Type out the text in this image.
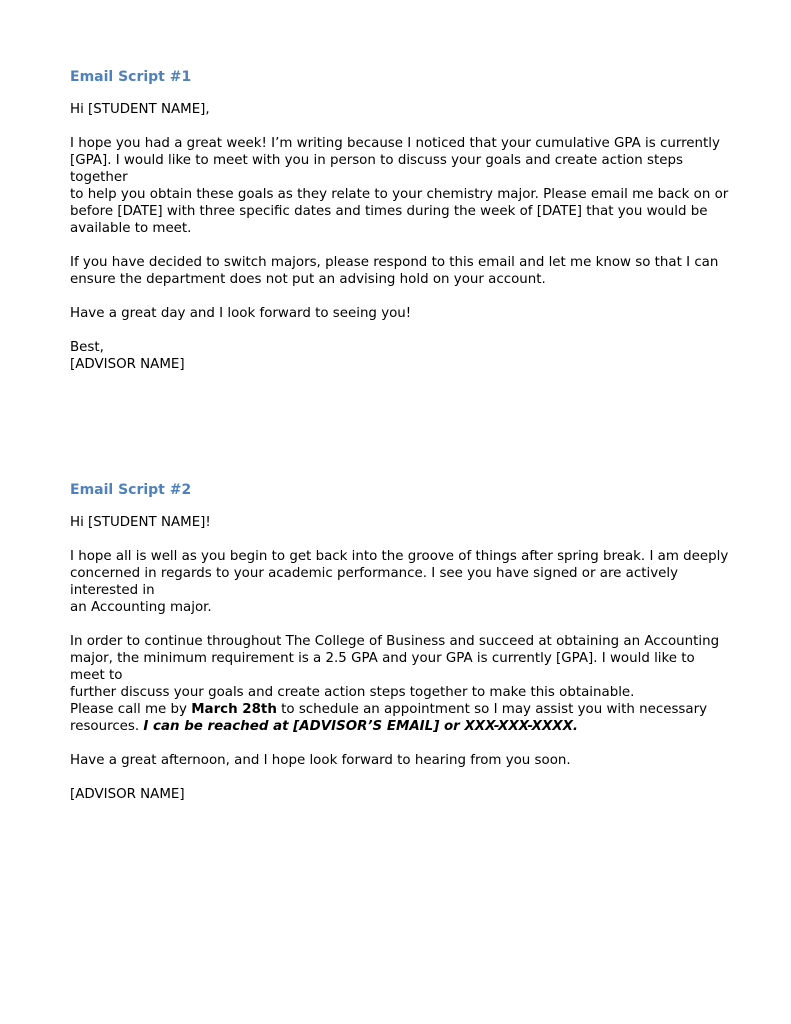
Email Script #1
Hi [STUDENT NAME],
I hope you had a great week! I’m writing because I noticed that your cumulative GPA is currently
[GPA]. I would like to meet with you in person to discuss your goals and create action steps together
to help you obtain these goals as they relate to your chemistry major. Please email me back on or
before [DATE] with three specific dates and times during the week of [DATE] that you would be
available to meet.
If you have decided to switch majors, please respond to this email and let me know so that I can
ensure the department does not put an advising hold on your account.
Have a great day and I look forward to seeing you!
Best,
[ADVISOR NAME]
Email Script #2
Hi [STUDENT NAME]!
I hope all is well as you begin to get back into the groove of things after spring break. I am deeply
concerned in regards to your academic performance. I see you have signed or are actively interested in
an Accounting major.
In order to continue throughout The College of Business and succeed at obtaining an Accounting
major, the minimum requirement is a 2.5 GPA and your GPA is currently [GPA]. I would like to meet to
further discuss your goals and create action steps together to make this obtainable.
Please call me by March 28th to schedule an appointment so I may assist you with necessary
resources. I can be reached at [ADVISOR’S EMAIL] or XXX-XXX-XXXX.
Have a great afternoon, and I hope look forward to hearing from you soon.
[ADVISOR NAME]
